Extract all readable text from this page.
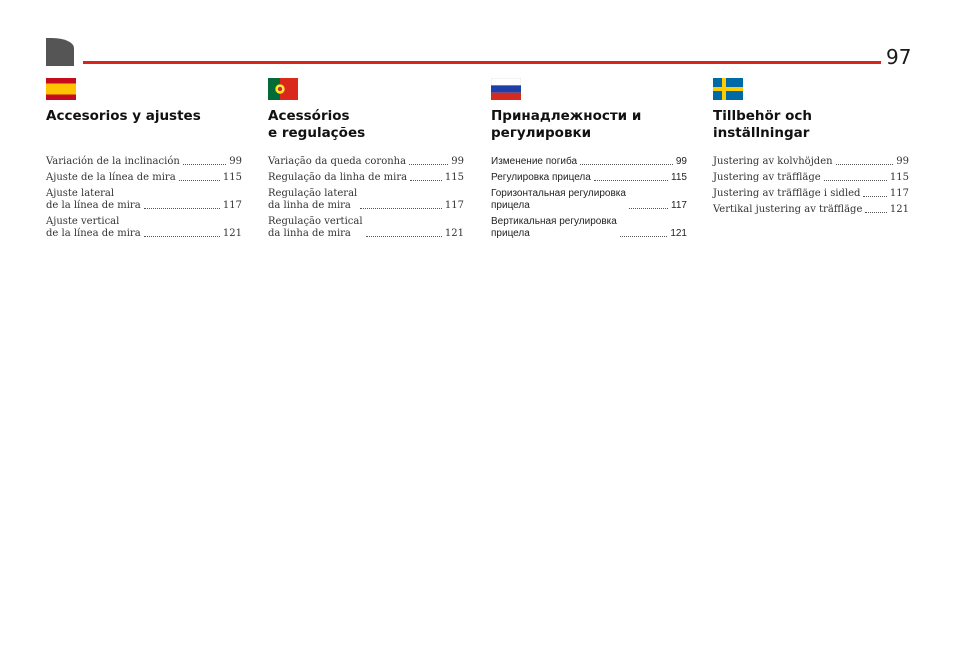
97
Accesorios y ajustes
Variación de la inclinación	99
Ajuste de la línea de mira	115
Ajuste lateral
de la línea de mira	117
Ajuste vertical
de la línea de mira	121
Acessórios
e regulações
Variação da queda coronha	99
Regulação da linha de mira	115
Regulação lateral
da linha de mira	117
Regulação vertical
da linha de mira	121
Принадлежности и
регулировки
Изменение погиба	99
Регулировка прицела	115
Горизонтальная регулировка
прицела	117
Вертикальная регулировка
прицела	121
Tillbehör och
inställningar
Justering av kolvhöjden	99
Justering av träffläge	115
Justering av träffläge i sidled	117
Vertikal justering av träffläge	121
